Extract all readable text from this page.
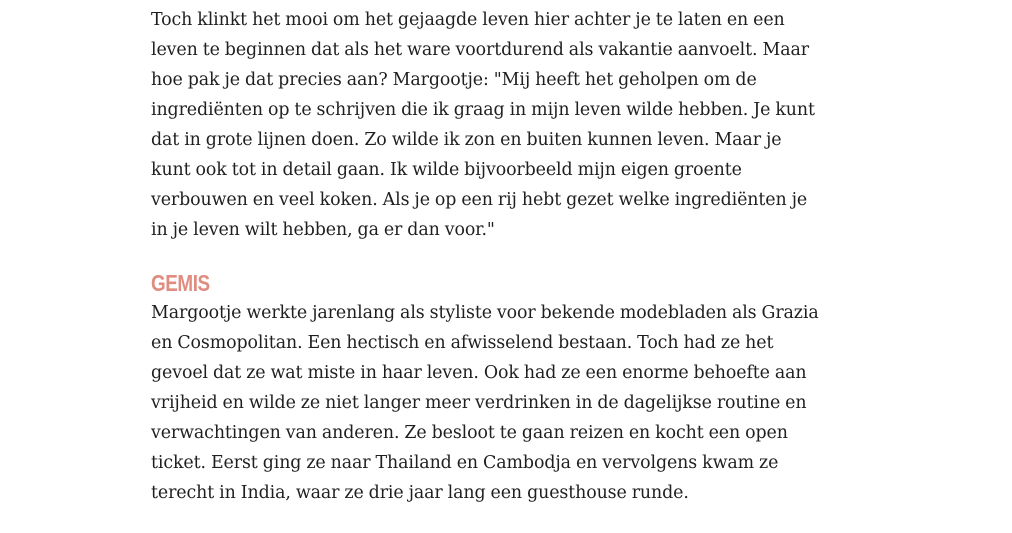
Toch klinkt het mooi om het gejaagde leven hier achter je te laten en een leven te beginnen dat als het ware voortdurend als vakantie aanvoelt. Maar hoe pak je dat precies aan? Margootje: "Mij heeft het geholpen om de ingrediënten op te schrijven die ik graag in mijn leven wilde hebben. Je kunt dat in grote lijnen doen. Zo wilde ik zon en buiten kunnen leven. Maar je kunt ook tot in detail gaan. Ik wilde bijvoorbeeld mijn eigen groente verbouwen en veel koken. Als je op een rij hebt gezet welke ingrediënten je in je leven wilt hebben, ga er dan voor."

GEMIS

Margootje werkte jarenlang als styliste voor bekende modebladen als Grazia en Cosmopolitan. Een hectisch en afwisselend bestaan. Toch had ze het gevoel dat ze wat miste in haar leven. Ook had ze een enorme behoefte aan vrijheid en wilde ze niet langer meer verdrinken in de dagelijkse routine en verwachtingen van anderen. Ze besloot te gaan reizen en kocht een open ticket. Eerst ging ze naar Thailand en Cambodja en vervolgens kwam ze terecht in India, waar ze drie jaar lang een guesthouse runde.
